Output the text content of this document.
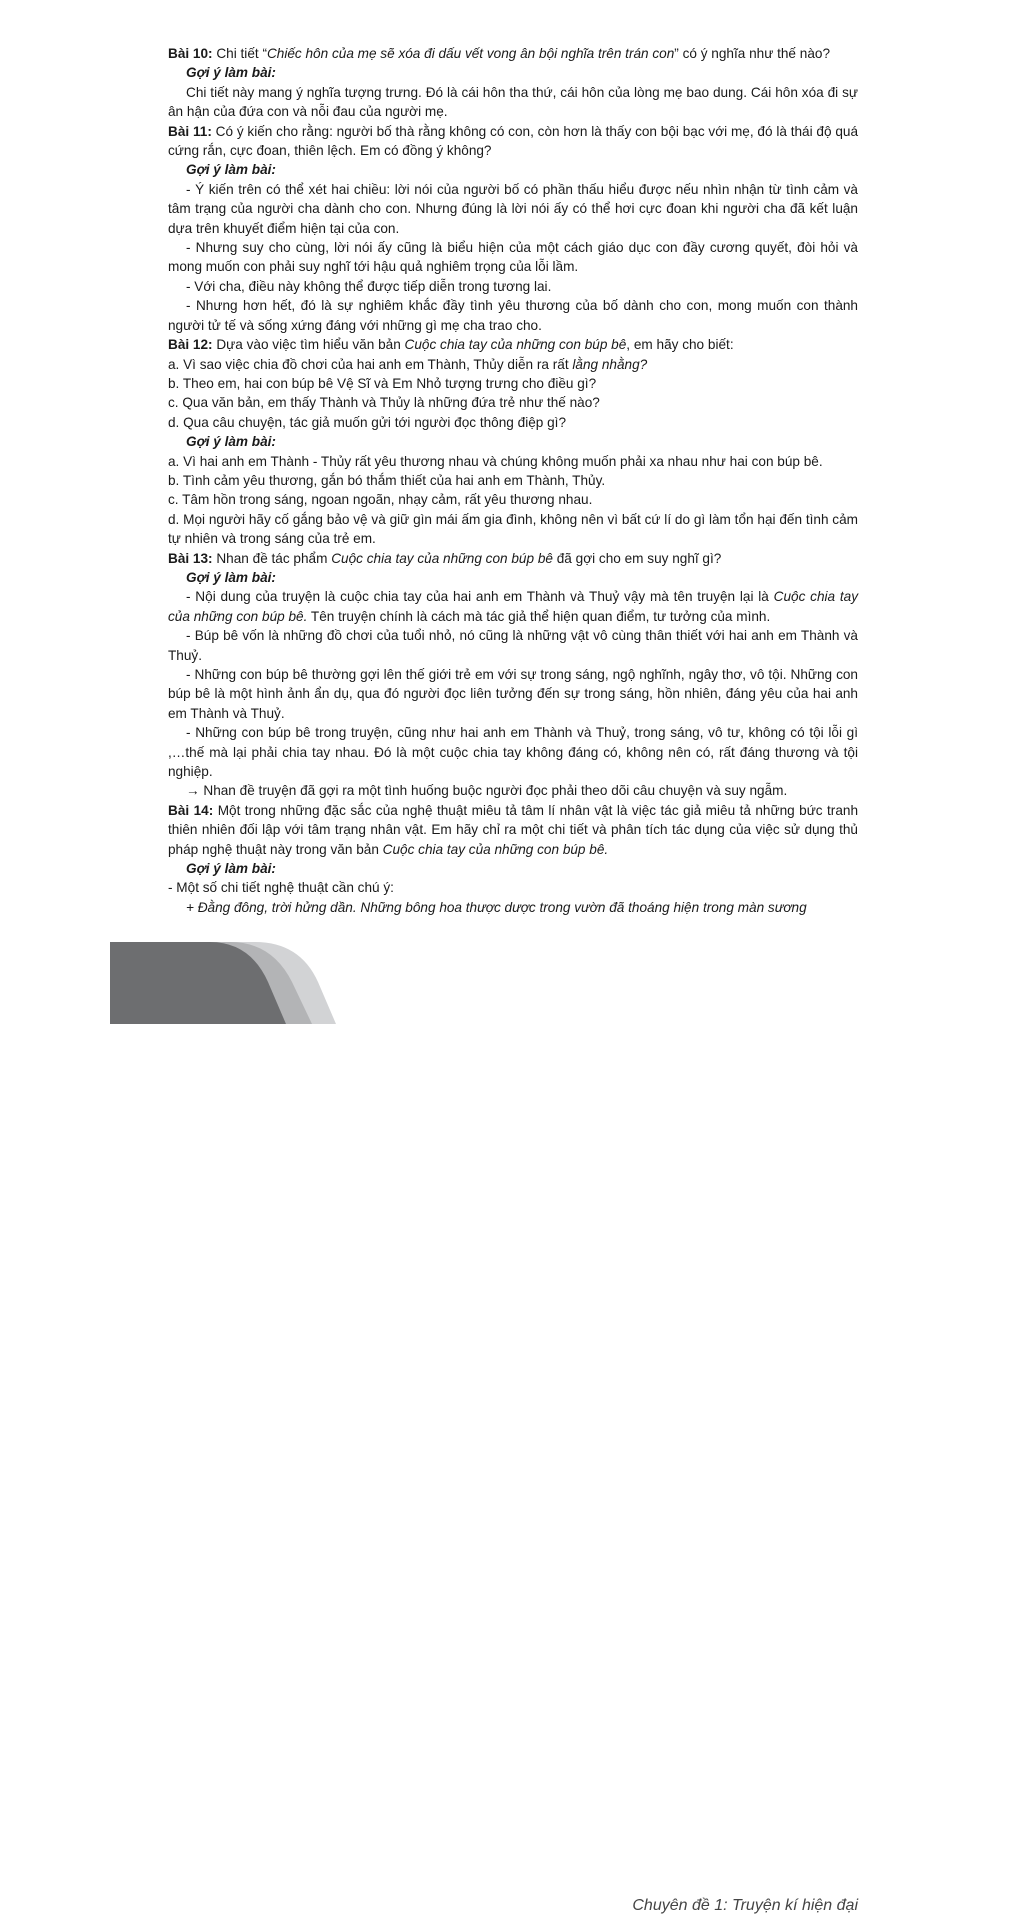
Bài 10: Chi tiết “Chiếc hôn của mẹ sẽ xóa đi dấu vết vong ân bội nghĩa trên trán con” có ý nghĩa như thế nào?

Gợi ý làm bài:

Chi tiết này mang ý nghĩa tượng trưng. Đó là cái hôn tha thứ, cái hôn của lòng mẹ bao dung. Cái hôn xóa đi sự ân hận của đứa con và nỗi đau của người mẹ.

Bài 11: Có ý kiến cho rằng: người bố thà rằng không có con, còn hơn là thấy con bội bạc với mẹ, đó là thái độ quá cứng rắn, cực đoan, thiên lệch. Em có đồng ý không?

Gợi ý làm bài:

- Ý kiến trên có thể xét hai chiều: lời nói của người bố có phần thấu hiểu được nếu nhìn nhận từ tình cảm và tâm trạng của người cha dành cho con. Nhưng đúng là lời nói ấy có thể hơi cực đoan khi người cha đã kết luận dựa trên khuyết điểm hiện tại của con.

- Nhưng suy cho cùng, lời nói ấy cũng là biểu hiện của một cách giáo dục con đầy cương quyết, đòi hỏi và mong muốn con phải suy nghĩ tới hậu quả nghiêm trọng của lỗi lầm.

- Với cha, điều này không thể được tiếp diễn trong tương lai.

- Nhưng hơn hết, đó là sự nghiêm khắc đầy tình yêu thương của bố dành cho con, mong muốn con thành người tử tế và sống xứng đáng với những gì mẹ cha trao cho.

Bài 12: Dựa vào việc tìm hiểu văn bản Cuộc chia tay của những con búp bê, em hãy cho biết:

a. Vì sao việc chia đồ chơi của hai anh em Thành, Thủy diễn ra rất lằng nhằng?

b. Theo em, hai con búp bê Vệ Sĩ và Em Nhỏ tượng trưng cho điều gì?

c. Qua văn bản, em thấy Thành và Thủy là những đứa trẻ như thế nào?

d. Qua câu chuyện, tác giả muốn gửi tới người đọc thông điệp gì?

Gợi ý làm bài:

a. Vì hai anh em Thành - Thủy rất yêu thương nhau và chúng không muốn phải xa nhau như hai con búp bê.

b. Tình cảm yêu thương, gắn bó thắm thiết của hai anh em Thành, Thủy.

c. Tâm hồn trong sáng, ngoan ngoãn, nhạy cảm, rất yêu thương nhau.

d. Mọi người hãy cố gắng bảo vệ và giữ gìn mái ấm gia đình, không nên vì bất cứ lí do gì làm tổn hại đến tình cảm tự nhiên và trong sáng của trẻ em.

Bài 13: Nhan đề tác phẩm Cuộc chia tay của những con búp bê đã gợi cho em suy nghĩ gì?

Gợi ý làm bài:

- Nội dung của truyện là cuộc chia tay của hai anh em Thành và Thuỷ vậy mà tên truyện lại là Cuộc chia tay của những con búp bê. Tên truyện chính là cách mà tác giả thể hiện quan điểm, tư tưởng của mình.

- Búp bê vốn là những đồ chơi của tuổi nhỏ, nó cũng là những vật vô cùng thân thiết với hai anh em Thành và Thuỷ.

- Những con búp bê thường gợi lên thế giới trẻ em với sự trong sáng, ngộ nghĩnh, ngây thơ, vô tội. Những con búp bê là một hình ảnh ẩn dụ, qua đó người đọc liên tưởng đến sự trong sáng, hồn nhiên, đáng yêu của hai anh em Thành và Thuỷ.

- Những con búp bê trong truyện, cũng như hai anh em Thành và Thuỷ, trong sáng, vô tư, không có tội lỗi gì ,…thế mà lại phải chia tay nhau. Đó là một cuộc chia tay không đáng có, không nên có, rất đáng thương và tội nghiệp.

→ Nhan đề truyện đã gợi ra một tình huống buộc người đọc phải theo dõi câu chuyện và suy ngẫm.

Bài 14: Một trong những đặc sắc của nghệ thuật miêu tả tâm lí nhân vật là việc tác giả miêu tả những bức tranh thiên nhiên đối lập với tâm trạng nhân vật. Em hãy chỉ ra một chi tiết và phân tích tác dụng của việc sử dụng thủ pháp nghệ thuật này trong văn bản Cuộc chia tay của những con búp bê.

Gợi ý làm bài:

- Một số chi tiết nghệ thuật cần chú ý:

+ Đằng đông, trời hửng dần. Những bông hoa thược dược trong vườn đã thoáng hiện trong màn sương

18	Chuyên đề 1: Truyện kí hiện đại
